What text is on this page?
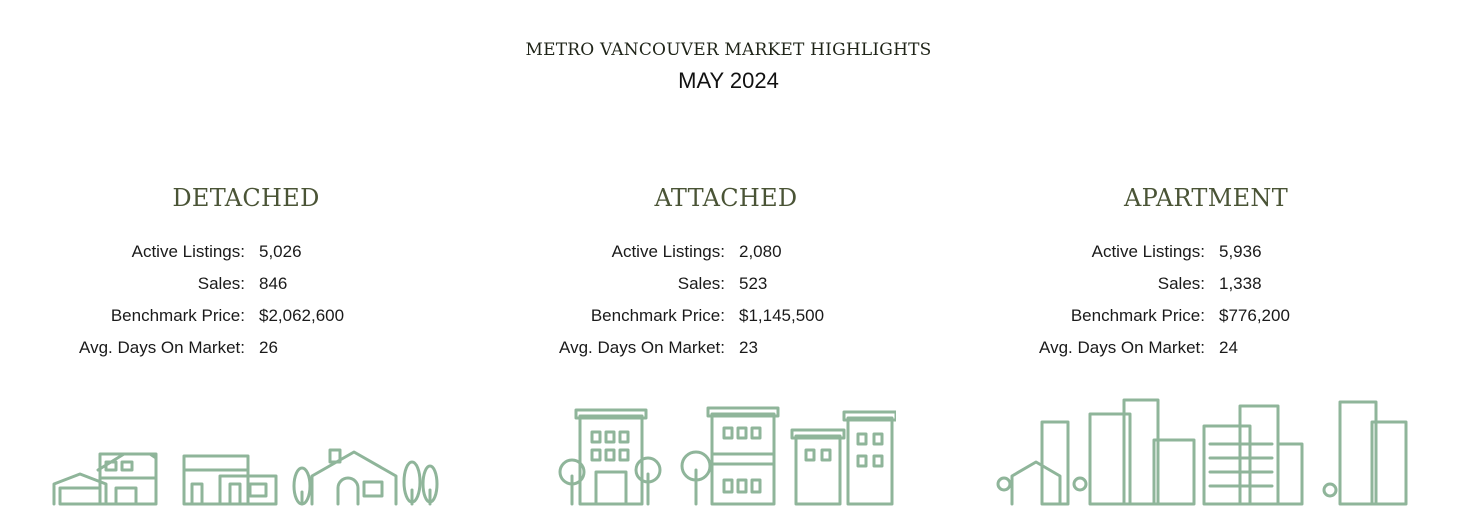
METRO VANCOUVER MARKET HIGHLIGHTS
MAY 2024
DETACHED
Active Listings: 5,026
Sales: 846
Benchmark Price: $2,062,600
Avg. Days On Market: 26
ATTACHED
Active Listings: 2,080
Sales: 523
Benchmark Price: $1,145,500
Avg. Days On Market: 23
APARTMENT
Active Listings: 5,936
Sales: 1,338
Benchmark Price: $776,200
Avg. Days On Market: 24
